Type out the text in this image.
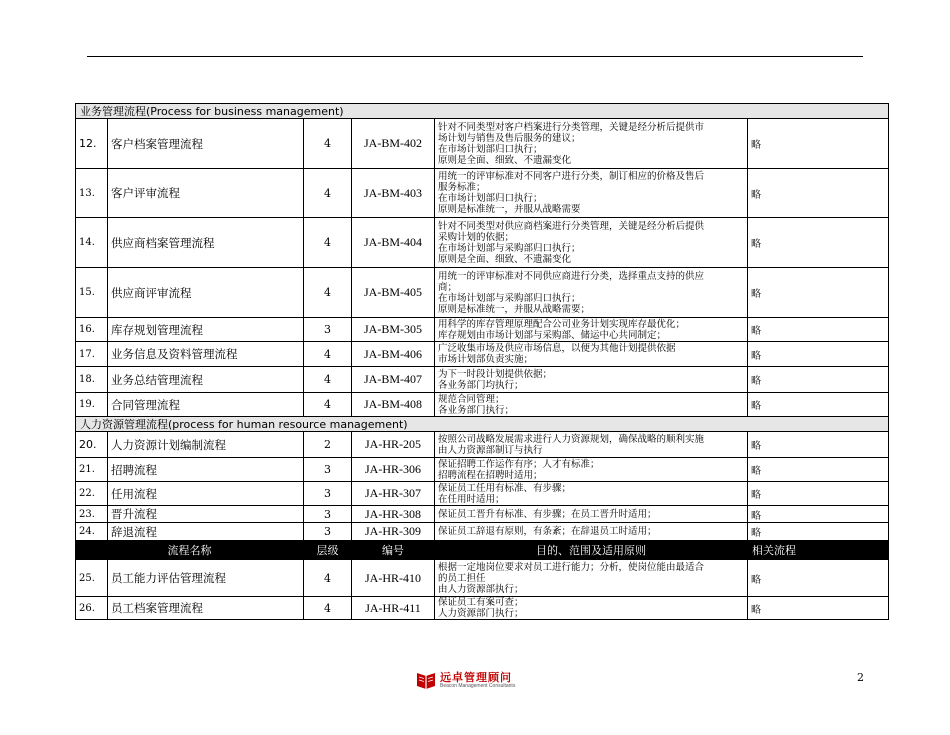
业务管理流程(Process for business management)					
12.	客户档案管理流程	4	JA-BM-402	针对不同类型对客户档案进行分类管理，关键是经分析后提供市
场计划与销售及售后服务的建议；
在市场计划部归口执行；
原则是全面、细致、不遗漏变化	略
13.	客户评审流程	4	JA-BM-403	用统一的评审标准对不同客户进行分类，制订相应的价格及售后
服务标准；
在市场计划部归口执行；
原则是标准统一，并服从战略需要	略
14.	供应商档案管理流程	4	JA-BM-404	针对不同类型对供应商档案进行分类管理，关键是经分析后提供
采购计划的依据；
在市场计划部与采购部归口执行；
原则是全面、细致、不遗漏变化	略
15.	供应商评审流程	4	JA-BM-405	用统一的评审标准对不同供应商进行分类，选择重点支持的供应
商；
在市场计划部与采购部归口执行；
原则是标准统一，并服从战略需要；	略
16.	库存规划管理流程	3	JA-BM-305	用科学的库存管理原理配合公司业务计划实现库存最优化；
库存规划由市场计划部与采购部、储运中心共同制定；	略
17.	业务信息及资料管理流程	4	JA-BM-406	广泛收集市场及供应市场信息，以便为其他计划提供依据
市场计划部负责实施；	略
18.	业务总结管理流程	4	JA-BM-407	为下一时段计划提供依据；
各业务部门均执行；	略
19.	合同管理流程	4	JA-BM-408	规范合同管理；
各业务部门执行；	略
人力资源管理流程(process for human resource management)					
20.	人力资源计划编制流程	2	JA-HR-205	按照公司战略发展需求进行人力资源规划，确保战略的顺利实施
由人力资源部制订与执行	略
21.	招聘流程	3	JA-HR-306	保证招聘工作运作有序；人才有标准；
招聘流程在招聘时适用；	略
22.	任用流程	3	JA-HR-307	保证员工任用有标准、有步骤；
在任用时适用；	略
23.	晋升流程	3	JA-HR-308	保证员工晋升有标准、有步骤；在员工晋升时适用；	略
24.	辞退流程	3	JA-HR-309	保证员工辞退有原则，有条紊；在辞退员工时适用；	略
流程名称		层级	编号	目的、范围及适用原则	相关流程
25.	员工能力评估管理流程	4	JA-HR-410	根据一定地岗位要求对员工进行能力；分析，使岗位能由最适合
的员工担任
由人力资源部执行；	略
26.	员工档案管理流程	4	JA-HR-411	保证员工有案可查；
人力资源部门执行；	略
远卓管理顾问
Beacon Management Consultants
2
